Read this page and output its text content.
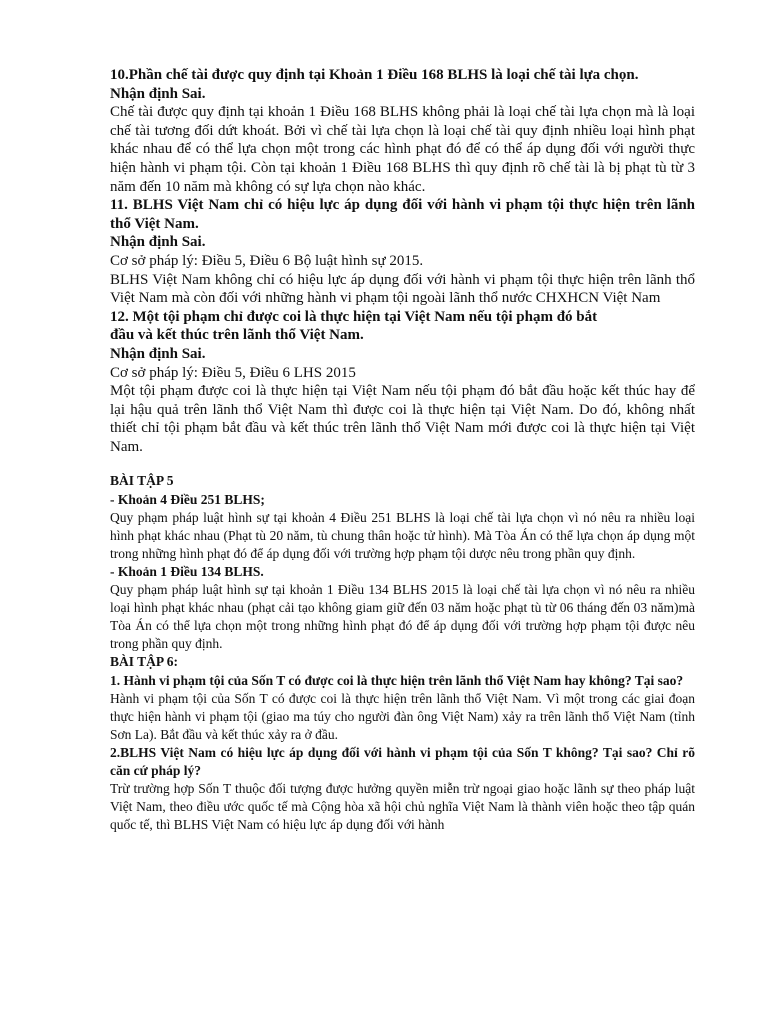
10.Phần chế tài được quy định tại Khoản 1 Điều 168 BLHS là loại chế tài lựa chọn.

Nhận định Sai.

Chế tài được quy định tại khoản 1 Điều 168 BLHS không phải là loại chế tài lựa chọn mà là loại chế tài tương đối dứt khoát. Bởi vì chế tài lựa chọn là loại chế tài quy định nhiều loại hình phạt khác nhau để có thể lựa chọn một trong các hình phạt đó để có thể áp dụng đối với người thực hiện hành vi phạm tội. Còn tại khoản 1 Điều 168 BLHS thì quy định rõ chế tài là bị phạt tù từ 3 năm đến 10 năm mà không có sự lựa chọn nào khác.

11. BLHS Việt Nam chỉ có hiệu lực áp dụng đối với hành vi phạm tội thực hiện trên lãnh thổ Việt Nam.

Nhận định Sai.

Cơ sở pháp lý: Điều 5, Điều 6 Bộ luật hình sự 2015.

BLHS Việt Nam không chỉ có hiệu lực áp dụng đối với hành vi phạm tội thực hiện trên lãnh thổ Việt Nam mà còn đối với những hành vi phạm tội ngoài lãnh thổ nước CHXHCN Việt Nam

12. Một tội phạm chỉ được coi là thực hiện tại Việt Nam nếu tội phạm đó bắt

đầu và kết thúc trên lãnh thổ Việt Nam.

Nhận định Sai.

Cơ sở pháp lý: Điều 5, Điều 6 LHS 2015

Một tội phạm được coi là thực hiện tại Việt Nam nếu tội phạm đó bắt đầu hoặc kết thúc hay để lại hậu quả trên lãnh thổ Việt Nam thì được coi là thực hiện tại Việt Nam. Do đó, không nhất thiết chỉ tội phạm bắt đầu và kết thúc trên lãnh thổ Việt Nam mới được coi là thực hiện tại Việt Nam.

BÀI TẬP 5

- Khoản 4 Điều 251 BLHS;

Quy phạm pháp luật hình sự tại khoản 4 Điều 251 BLHS là loại chế tài lựa chọn vì nó nêu ra nhiều loại hình phạt khác nhau (Phạt tù 20 năm, tù chung thân hoặc tử hình). Mà Tòa Án có thể lựa chọn áp dụng một trong những hình phạt đó để áp dụng đối với trường hợp phạm tội dược nêu trong phần quy định.

- Khoản 1 Điều 134 BLHS.

Quy phạm pháp luật hình sự tại khoản 1 Điều 134 BLHS 2015 là loại chế tài lựa chọn vì nó nêu ra nhiều loại hình phạt khác nhau (phạt cải tạo không giam giữ đến 03 năm hoặc phạt tù từ 06 tháng đến 03 năm)mà Tòa Án có thể lựa chọn một trong những hình phạt đó để áp dụng đối với trường hợp phạm tội được nêu trong phần quy định.

BÀI TẬP 6:

1. Hành vi phạm tội của Sốn T có được coi là thực hiện trên lãnh thổ Việt Nam hay không? Tại sao?

Hành vi phạm tội của Sốn T có được coi là thực hiện trên lãnh thổ Việt Nam. Vì một trong các giai đoạn thực hiện hành vi phạm tội (giao ma túy cho người đàn ông Việt Nam) xảy ra trên lãnh thổ Việt Nam (tỉnh Sơn La). Bắt đầu và kết thúc xảy ra ở đầu.

2.BLHS Việt Nam có hiệu lực áp dụng đối với hành vi phạm tội của Sốn T không? Tại sao? Chỉ rõ căn cứ pháp lý?

Trừ trường hợp Sốn T thuộc đối tượng được hưởng quyền miễn trừ ngoại giao hoặc lãnh sự theo pháp luật Việt Nam, theo điều ước quốc tế mà Cộng hòa xã hội chủ nghĩa Việt Nam là thành viên hoặc theo tập quán quốc tế, thì BLHS Việt Nam có hiệu lực áp dụng đối với hành
